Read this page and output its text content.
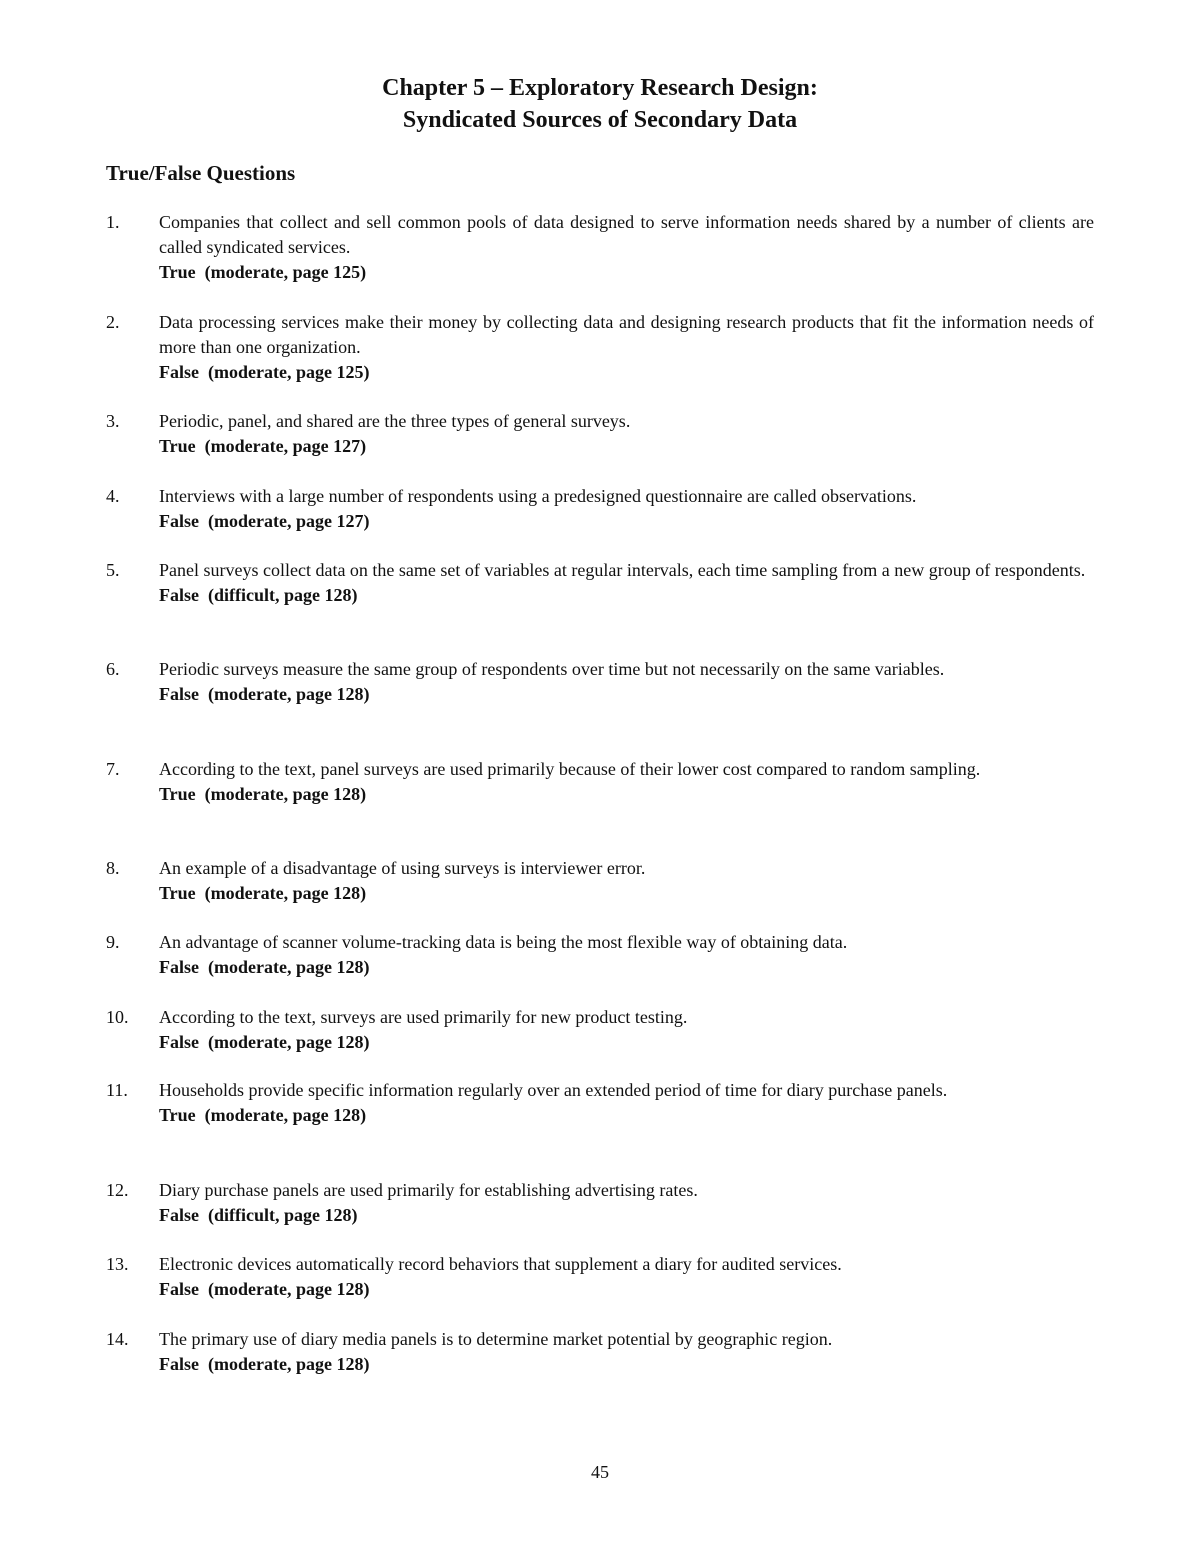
Chapter 5 – Exploratory Research Design:
Syndicated Sources of Secondary Data
True/False Questions
1.	Companies that collect and sell common pools of data designed to serve information needs shared by a number of clients are called syndicated services.
True  (moderate, page 125)
2.	Data processing services make their money by collecting data and designing research products that fit the information needs of more than one organization.
False  (moderate, page 125)
3.	Periodic, panel, and shared are the three types of general surveys.
True  (moderate, page 127)
4.	Interviews with a large number of respondents using a predesigned questionnaire are called observations.
False  (moderate, page 127)
5.	Panel surveys collect data on the same set of variables at regular intervals, each time sampling from a new group of respondents.
False  (difficult, page 128)
6.	Periodic surveys measure the same group of respondents over time but not necessarily on the same variables.
False  (moderate, page 128)
7.	According to the text, panel surveys are used primarily because of their lower cost compared to random sampling.
True  (moderate, page 128)
8.	An example of a disadvantage of using surveys is interviewer error.
True  (moderate, page 128)
9.	An advantage of scanner volume-tracking data is being the most flexible way of obtaining data.
False  (moderate, page 128)
10.	According to the text, surveys are used primarily for new product testing.
False  (moderate, page 128)
11.	Households provide specific information regularly over an extended period of time for diary purchase panels.
True  (moderate, page 128)
12.	Diary purchase panels are used primarily for establishing advertising rates.
False  (difficult, page 128)
13.	Electronic devices automatically record behaviors that supplement a diary for audited services.
False  (moderate, page 128)
14.	The primary use of diary media panels is to determine market potential by geographic region.
False  (moderate, page 128)
45
